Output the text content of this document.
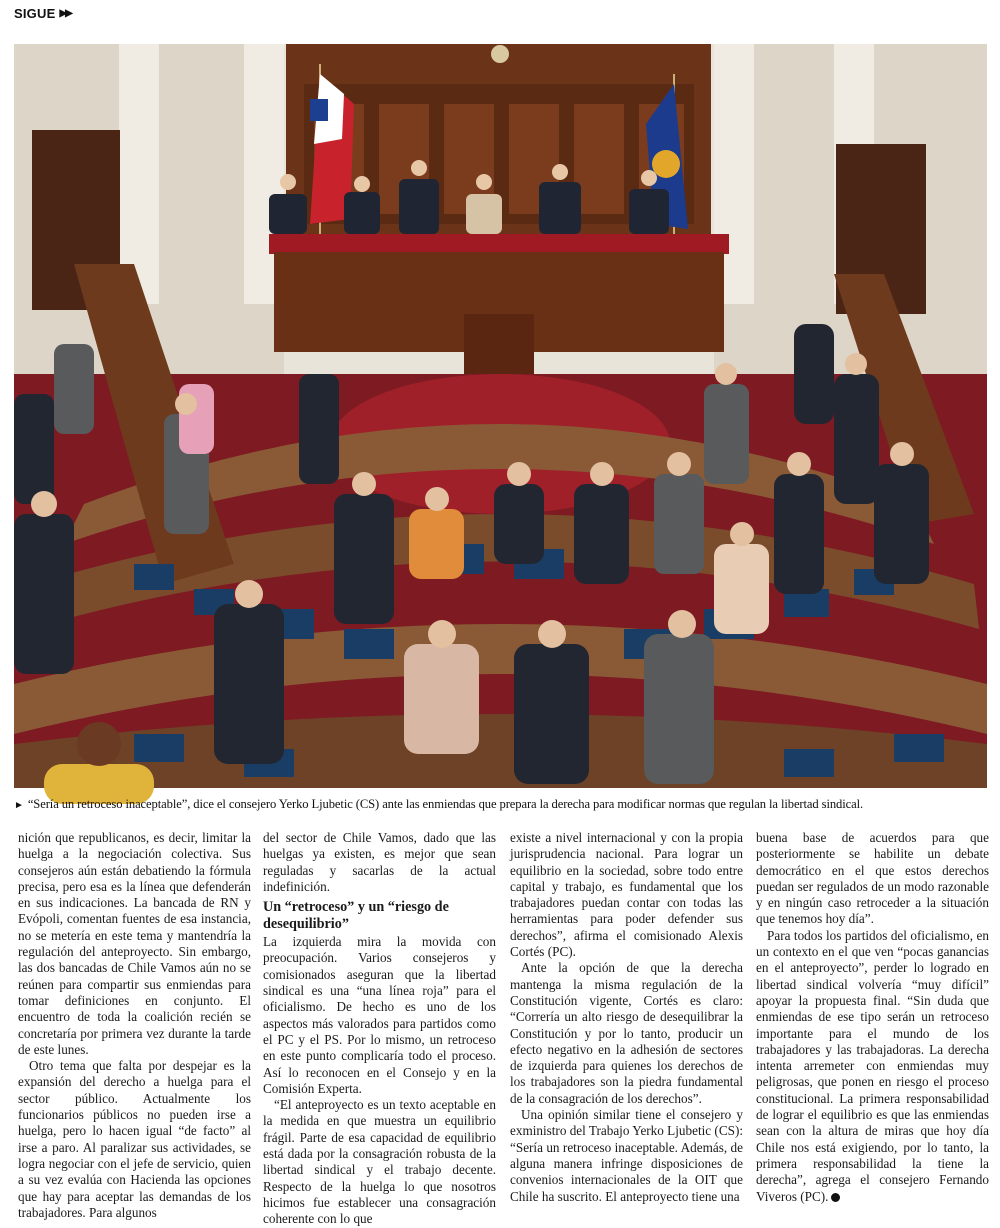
SIGUE ▶▶
► “Sería un retroceso inaceptable”, dice el consejero Yerko Ljubetic (CS) ante las enmiendas que prepara la derecha para modificar normas que regulan la libertad sindical.

nición que republicanos, es decir, limitar la huelga a la negociación colectiva. Sus consejeros aún están debatiendo la fórmula precisa, pero esa es la línea que defenderán en sus indicaciones. La bancada de RN y Evópoli, comentan fuentes de esa instancia, no se metería en este tema y mantendría la regulación del anteproyecto. Sin embargo, las dos bancadas de Chile Vamos aún no se reúnen para compartir sus enmiendas para tomar definiciones en conjunto. El encuentro de toda la coalición recién se concretaría por primera vez durante la tarde de este lunes.

Otro tema que falta por despejar es la expansión del derecho a huelga para el sector público. Actualmente los funcionarios públicos no pueden irse a huelga, pero lo hacen igual “de facto” al irse a paro. Al paralizar sus actividades, se logra negociar con el jefe de servicio, quien a su vez evalúa con Hacienda las opciones que hay para aceptar las demandas de los trabajadores. Para algunos

del sector de Chile Vamos, dado que las huelgas ya existen, es mejor que sean reguladas y sacarlas de la actual indefinición.

Un “retroceso” y un “riesgo de desequilibrio”

La izquierda mira la movida con preocupación. Varios consejeros y comisionados aseguran que la libertad sindical es una “una línea roja” para el oficialismo. De hecho es uno de los aspectos más valorados para partidos como el PC y el PS. Por lo mismo, un retroceso en este punto complicaría todo el proceso. Así lo reconocen en el Consejo y en la Comisión Experta.

“El anteproyecto es un texto aceptable en la medida en que muestra un equilibrio frágil. Parte de esa capacidad de equilibrio está dada por la consagración robusta de la libertad sindical y el trabajo decente. Respecto de la huelga lo que nosotros hicimos fue establecer una consagración coherente con lo que

existe a nivel internacional y con la propia jurisprudencia nacional. Para lograr un equilibrio en la sociedad, sobre todo entre capital y trabajo, es fundamental que los trabajadores puedan contar con todas las herramientas para poder defender sus derechos”, afirma el comisionado Alexis Cortés (PC).

Ante la opción de que la derecha mantenga la misma regulación de la Constitución vigente, Cortés es claro: “Correría un alto riesgo de desequilibrar la Constitución y por lo tanto, producir un efecto negativo en la adhesión de sectores de izquierda para quienes los derechos de los trabajadores son la piedra fundamental de la consagración de los derechos”.

Una opinión similar tiene el consejero y exministro del Trabajo Yerko Ljubetic (CS): “Sería un retroceso inaceptable. Además, de alguna manera infringe disposiciones de convenios internacionales de la OIT que Chile ha suscrito. El anteproyecto tiene una

buena base de acuerdos para que posteriormente se habilite un debate democrático en el que estos derechos puedan ser regulados de un modo razonable y en ningún caso retroceder a la situación que tenemos hoy día”.

Para todos los partidos del oficialismo, en un contexto en el que ven “pocas ganancias en el anteproyecto”, perder lo logrado en libertad sindical volvería “muy difícil” apoyar la propuesta final. “Sin duda que enmiendas de ese tipo serán un retroceso importante para el mundo de los trabajadores y las trabajadoras. La derecha intenta arremeter con enmiendas muy peligrosas, que ponen en riesgo el proceso constitucional. La primera responsabilidad de lograr el equilibrio es que las enmiendas sean con la altura de miras que hoy día Chile nos está exigiendo, por lo tanto, la primera responsabilidad la tiene la derecha”, agrega el consejero Fernando Viveros (PC).
